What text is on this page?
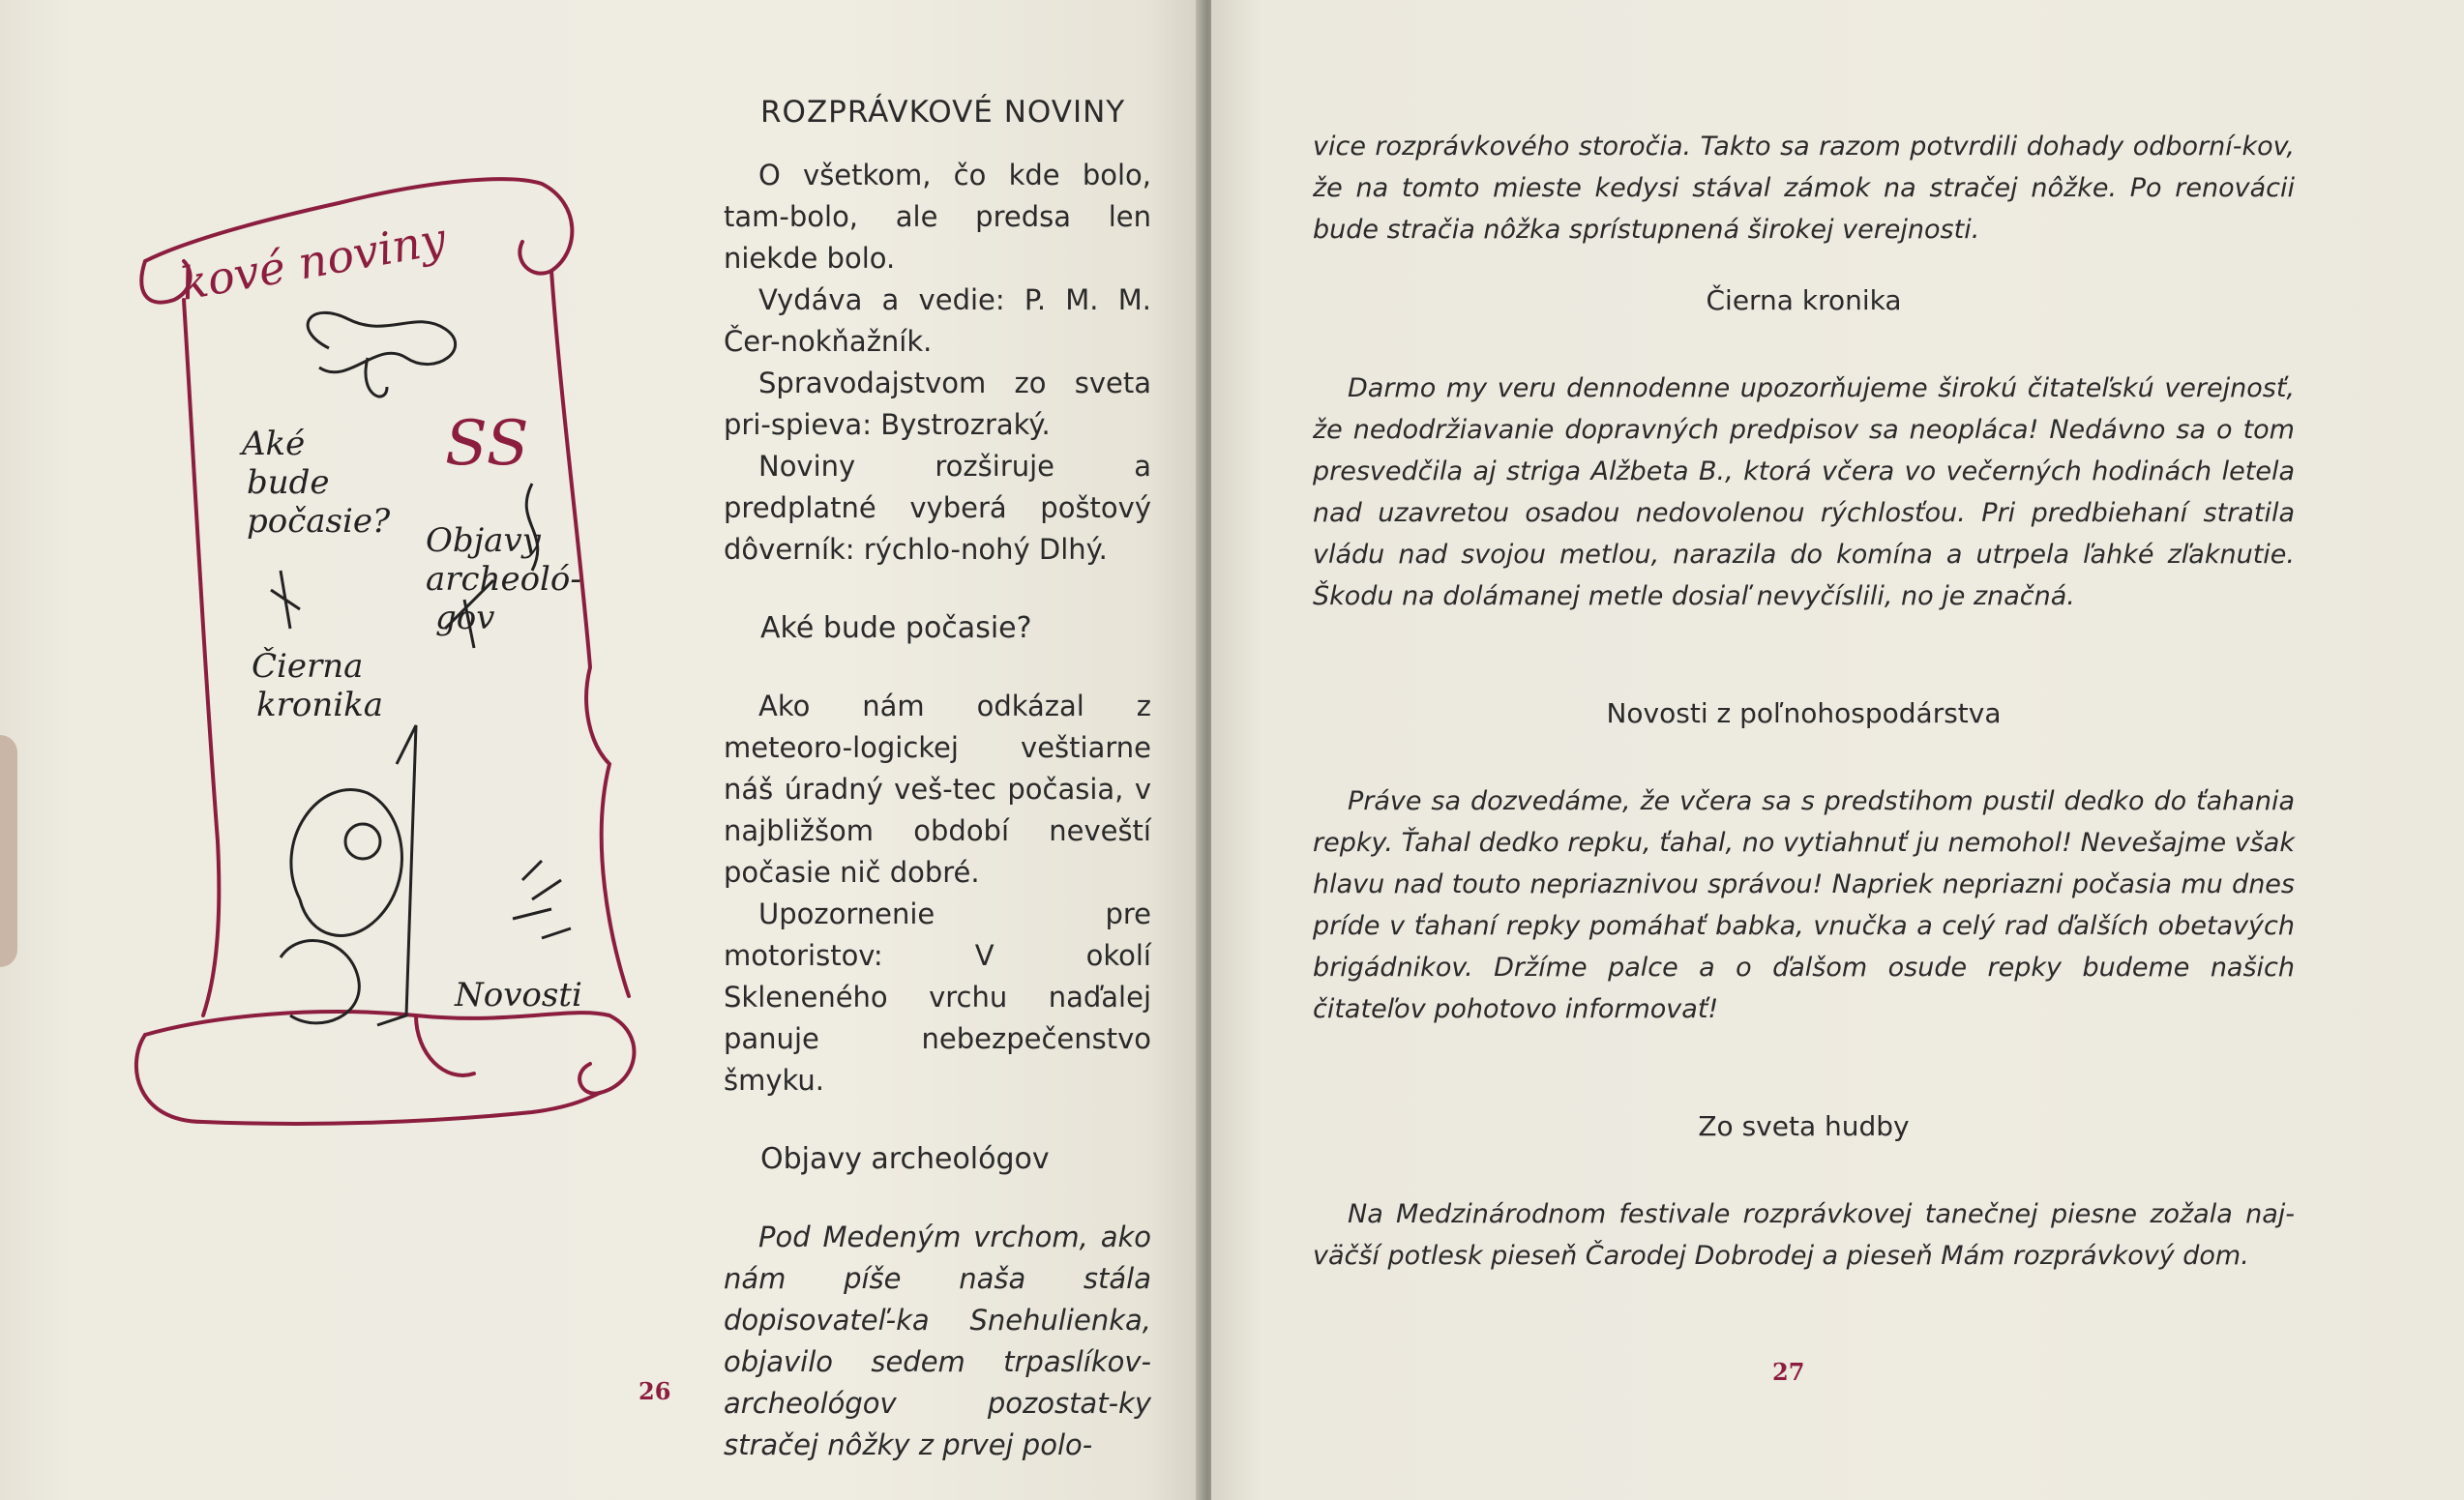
kové noviny
SS
Aké
bude
počasie? Objavy
archeoló-
gov
Čierna
kronika
Novosti
ROZPRÁVKOVÉ NOVINY

O všetkom, čo kde bolo, tam-bolo, ale predsa len niekde bolo.

Vydáva a vedie: P. M. M. Čer-nokňažník.

Spravodajstvom zo sveta pri-spieva: Bystrozraký.

Noviny rozširuje a predplatné vyberá poštový dôverník: rýchlo-nohý Dlhý.

Aké bude počasie?

Ako nám odkázal z meteoro-logickej veštiarne náš úradný veš-tec počasia, v najbližšom období neveští počasie nič dobré.

Upozornenie pre motoristov: V okolí Skleneného vrchu naďalej panuje nebezpečenstvo šmyku.

Objavy archeológov

Pod Medeným vrchom, ako nám píše naša stála dopisovateľ-ka Snehulienka, objavilo sedem trpaslíkov-archeológov pozostat-ky stračej nôžky z prvej polo-

26

vice rozprávkového storočia. Takto sa razom potvrdili dohady odborní-kov, že na tomto mieste kedysi stával zámok na stračej nôžke. Po renovácii bude stračia nôžka sprístupnená širokej verejnosti.

Čierna kronika

Darmo my veru dennodenne upozorňujeme širokú čitateľskú verejnosť, že nedodržiavanie dopravných predpisov sa neopláca! Nedávno sa o tom presvedčila aj striga Alžbeta B., ktorá včera vo večerných hodinách letela nad uzavretou osadou nedovolenou rýchlosťou. Pri predbiehaní stratila vládu nad svojou metlou, narazila do komína a utrpela ľahké zľaknutie. Škodu na dolámanej metle dosiaľ nevyčíslili, no je značná.

Novosti z poľnohospodárstva

Práve sa dozvedáme, že včera sa s predstihom pustil dedko do ťahania repky. Ťahal dedko repku, ťahal, no vytiahnuť ju nemohol! Nevešajme však hlavu nad touto nepriaznivou správou! Napriek nepriazni počasia mu dnes príde v ťahaní repky pomáhať babka, vnučka a celý rad ďalších obetavých brigádnikov. Držíme palce a o ďalšom osude repky budeme našich čitateľov pohotovo informovať!

Zo sveta hudby

Na Medzinárodnom festivale rozprávkovej tanečnej piesne zožala naj-väčší potlesk pieseň Čarodej Dobrodej a pieseň Mám rozprávkový dom.

27
